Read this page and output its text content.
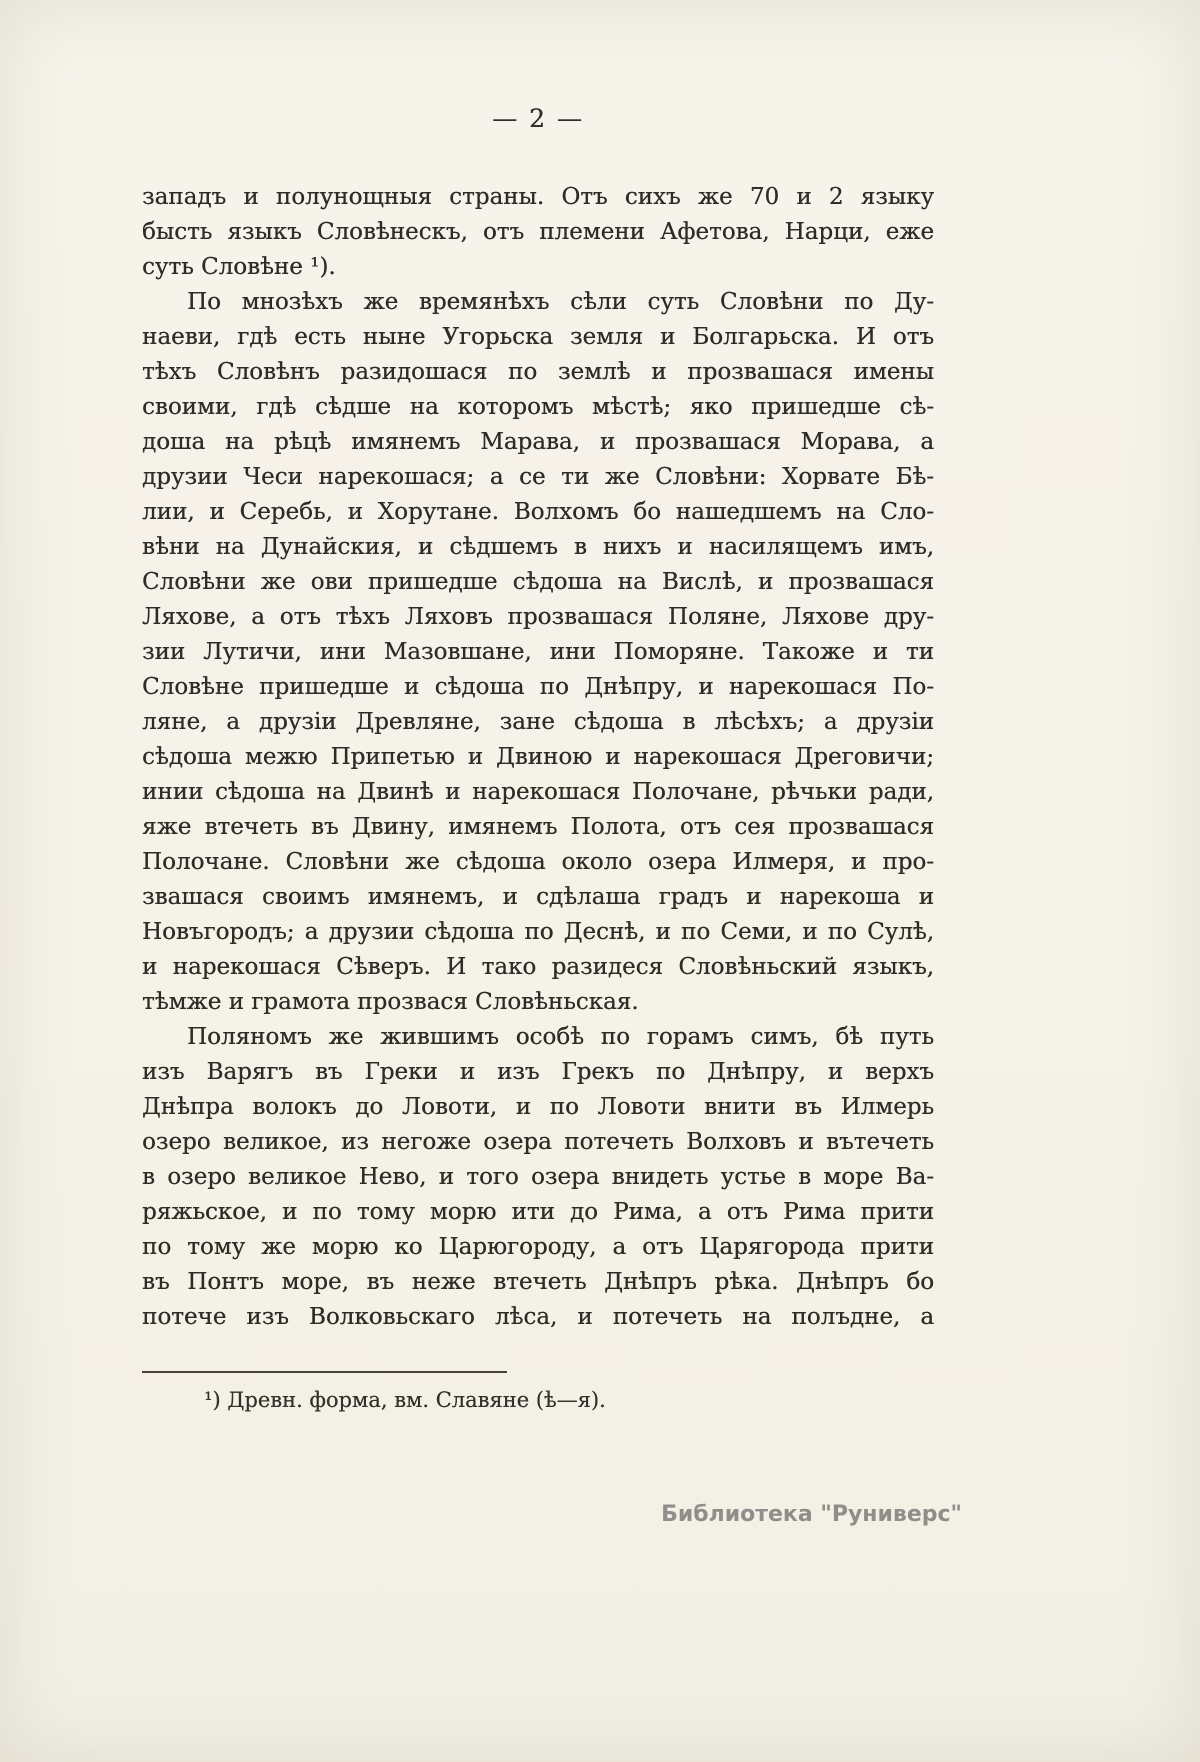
— 2 —
западъ и полунощныя страны. Отъ сихъ же 70 и 2 языку
бысть языкъ Словѣнескъ, отъ племени Афетова, Нарци, еже
суть Словѣне ¹).
По мнозѣхъ же времянѣхъ сѣли суть Словѣни по Ду-
наеви, гдѣ есть ныне Угорьска земля и Болгарьска. И отъ
тѣхъ Словѣнъ разидошася по землѣ и прозвашася имены
своими, гдѣ сѣдше на которомъ мѣстѣ; яко пришедше сѣ-
доша на рѣцѣ имянемъ Марава, и прозвашася Морава, а
друзии Чеси нарекошася; а се ти же Словѣни: Хорвате Бѣ-
лии, и Серебь, и Хорутане. Волхомъ бо нашедшемъ на Сло-
вѣни на Дунайския, и сѣдшемъ в нихъ и насилящемъ имъ,
Словѣни же ови пришедше сѣдоша на Вислѣ, и прозвашася
Ляхове, а отъ тѣхъ Ляховъ прозвашася Поляне, Ляхове дру-
зии Лутичи, ини Мазовшане, ини Поморяне. Такоже и ти
Словѣне пришедше и сѣдоша по Днѣпру, и нарекошася По-
ляне, а друзiи Древляне, зане сѣдоша в лѣсѣхъ; а друзiи
сѣдоша межю Припетью и Двиною и нарекошася Дреговичи;
инии сѣдоша на Двинѣ и нарекошася Полочане, рѣчьки ради,
яже втечеть въ Двину, имянемъ Полота, отъ сея прозвашася
Полочане. Словѣни же сѣдоша около озера Илмеря, и про-
звашася своимъ имянемъ, и сдѣлаша градъ и нарекоша и
Новъгородъ; а друзии сѣдоша по Деснѣ, и по Семи, и по Сулѣ,
и нарекошася Сѣверъ. И тако разидеся Словѣньский языкъ,
тѣмже и грамота прозвася Словѣньская.
Поляномъ же жившимъ особѣ по горамъ симъ, бѣ путь
изъ Варягъ въ Греки и изъ Грекъ по Днѣпру, и верхъ
Днѣпра волокъ до Ловоти, и по Ловоти внити въ Илмерь
озеро великое, из негоже озера потечеть Волховъ и вътечеть
в озеро великое Нево, и того озера внидеть устье в море Ва-
ряжьское, и по тому морю ити до Рима, а отъ Рима прити
по тому же морю ко Царюгороду, а отъ Царягорода прити
въ Понтъ море, въ неже втечеть Днѣпръ рѣка. Днѣпръ бо
потече изъ Волковьскаго лѣса, и потечеть на полъдне, а
¹) Древн. форма, вм. Славяне (ѣ—я).
Библиотека "Руниверс"
